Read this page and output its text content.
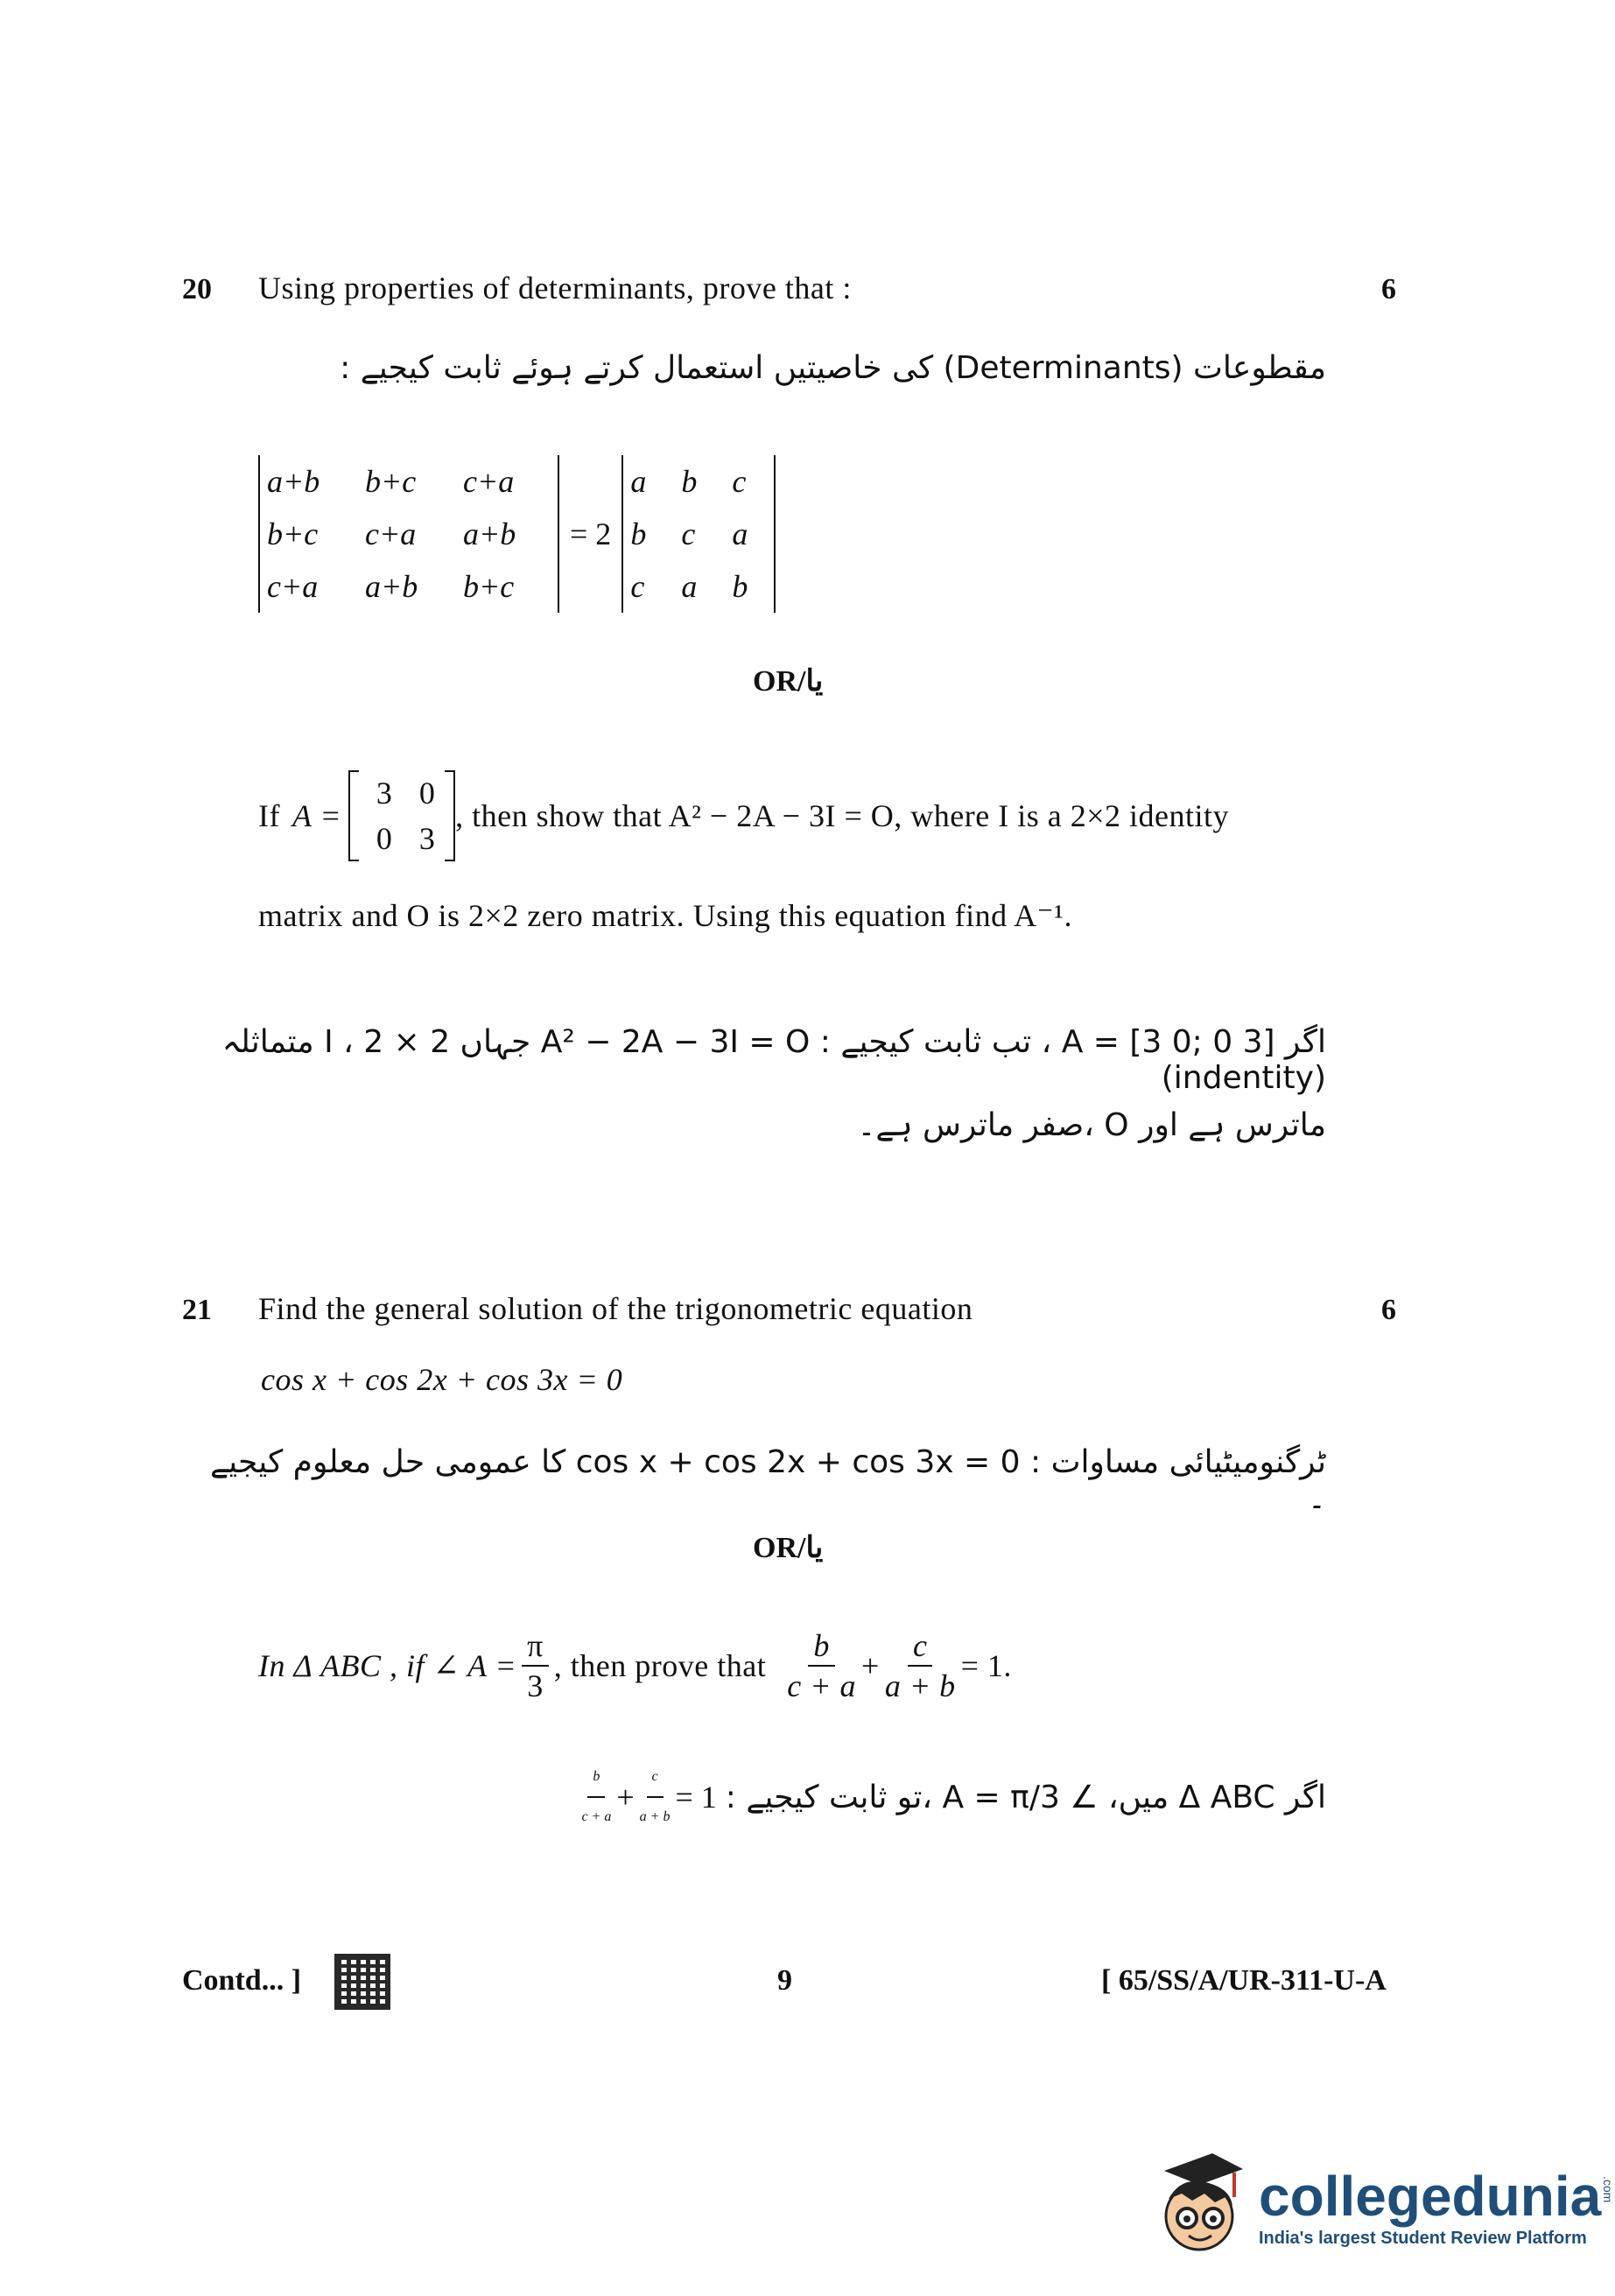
20 Using properties of determinants, prove that :	6
مقطوعات (Determinants) کی خاصیتیں استعمال کرتے ہوئے ثابت کیجیے :
a+b	b+c	c+a
b+c	c+a	a+b
c+a	a+b	b+c
= 2
a	b	c
b	c	a
c	a	b
OR/یا
If A =
3 0
0 3
, then show that A² − 2A − 3I = O, where I is a 2×2 identity
matrix and O is 2×2 zero matrix. Using this equation find A⁻¹.
اگر A = [3 0; 0 3] ، تب ثابت کیجیے : A² − 2A − 3I = O جہاں I ، 2 × 2 متماثلہ (indentity)
ماترس ہے اور O ،صفر ماترس ہے۔
21 Find the general solution of the trigonometric equation	6
cos x + cos 2x + cos 3x = 0
ٹرگنومیٹیائی مساوات : cos x + cos 2x + cos 3x = 0 کا عمومی حل معلوم کیجیے ۔
OR/یا
In Δ ABC , if ∠ $A = \frac{\pi}{3}$ , then prove that $\frac{b}{c + a} + \frac{c}{a + b} = 1$.
$\frac{b}{c + a} + \frac{c}{a + b} = 1$ اگر Δ ABC میں، ∠ A = π/3 ،تو ثابت کیجیے :
Contd... ]	9	[ 65/SS/A/UR-311-U-A
collegedunia .com
India's largest Student Review Platform
